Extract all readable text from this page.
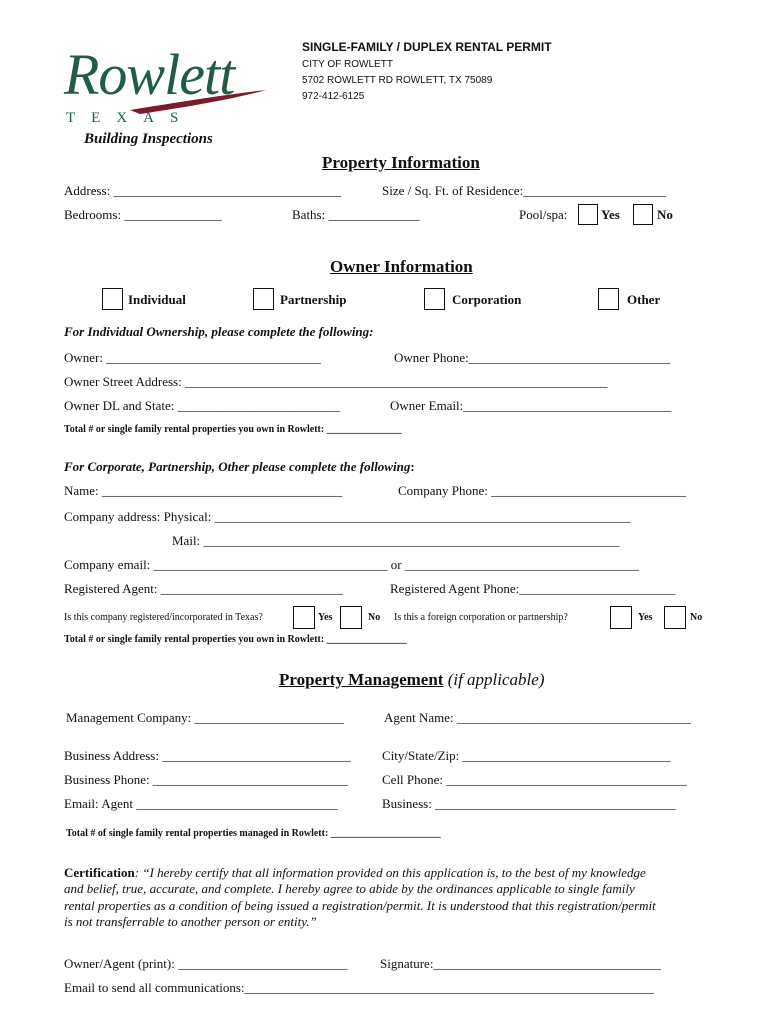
Rowlett
TEXAS
Building Inspections
SINGLE-FAMILY / DUPLEX RENTAL PERMIT
CITY OF ROWLETT
5702 ROWLETT RD ROWLETT, TX 75089
972-412-6125
Property Information
Address: ___________________________________	Size / Sq. Ft. of Residence:______________________
Bedrooms: _______________	Baths: ______________	Pool/spa:	Yes	No
Owner Information
Individual	Partnership	Corporation	Other
For Individual Ownership, please complete the following:
Owner: _________________________________	Owner Phone:_______________________________
Owner Street Address: _________________________________________________________________
Owner DL and State: _________________________	Owner Email:________________________________
Total # or single family rental properties you own in Rowlett: _______________
For Corporate, Partnership, Other please complete the following:
Name: _____________________________________	Company Phone: ______________________________
Company address: Physical: ________________________________________________________________
Mail: ________________________________________________________________
Company email: ____________________________________ or ____________________________________
Registered Agent: ____________________________	Registered Agent Phone:________________________
Is this company registered/incorporated in Texas?	Yes	No Is this a foreign corporation or partnership?	Yes	No
Total # or single family rental properties you own in Rowlett: ________________
Property Management (if applicable)
Management Company: _______________________	Agent Name: ____________________________________
Business Address: _____________________________ City/State/Zip: ________________________________
Business Phone: ______________________________	Cell Phone: _____________________________________
Email: Agent _______________________________	Business: _____________________________________
Total # of single family rental properties managed in Rowlett: ______________________
Certification: “I hereby certify that all information provided on this application is, to the best of my knowledge
and belief, true, accurate, and complete. I hereby agree to abide by the ordinances applicable to single family
rental properties as a condition of being issued a registration/permit. It is understood that this registration/permit
is not transferrable to another person or entity.”
Owner/Agent (print): __________________________	Signature:___________________________________
Email to send all communications:_______________________________________________________________
